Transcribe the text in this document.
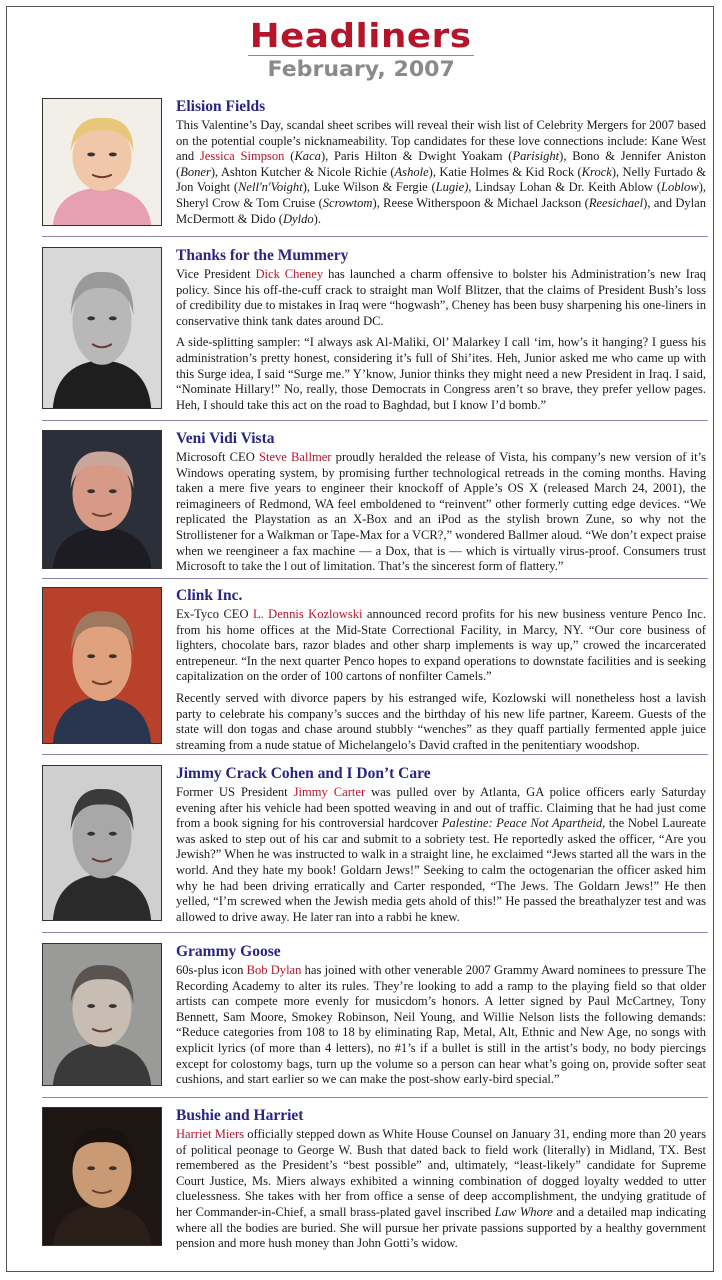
Headliners
February, 2007
Elision Fields

This Valentine’s Day, scandal sheet scribes will reveal their wish list of Celebrity Mergers for 2007 based on the potential couple’s nicknameability. Top candidates for these love connections include: Kane West and Jessica Simpson (Kaca), Paris Hilton & Dwight Yoakam (Parisight), Bono & Jennifer Aniston (Boner), Ashton Kutcher & Nicole Richie (Ashole), Katie Holmes & Kid Rock (Krock), Nelly Furtado & Jon Voight (Nell'n'Voight), Luke Wilson & Fergie (Lugie), Lindsay Lohan & Dr. Keith Ablow (Loblow), Sheryl Crow & Tom Cruise (Scrowtom), Reese Witherspoon & Michael Jackson (Reesichael), and Dylan McDermott & Dido (Dyldo).

Thanks for the Mummery

Vice President Dick Cheney has launched a charm offensive to bolster his Administration’s new Iraq policy. Since his off-the-cuff crack to straight man Wolf Blitzer, that the claims of President Bush’s loss of credibility due to mistakes in Iraq were “hogwash”, Cheney has been busy sharpening his one-liners in conservative think tank dates around DC.

A side-splitting sampler: “I always ask Al-Maliki, Ol’ Malarkey I call ‘im, how’s it hanging? I guess his administration’s pretty honest, considering it’s full of Shi’ites. Heh, Junior asked me who came up with this Surge idea, I said “Surge me.” Y’know, Junior thinks they might need a new President in Iraq. I said, “Nominate Hillary!” No, really, those Democrats in Congress aren’t so brave, they prefer yellow pages. Heh, I should take this act on the road to Baghdad, but I know I’d bomb.”

Veni Vidi Vista

Microsoft CEO Steve Ballmer proudly heralded the release of Vista, his company’s new version of it’s Windows operating system, by promising further technological retreads in the coming months. Having taken a mere five years to engineer their knockoff of Apple’s OS X (released March 24, 2001), the reimagineers of Redmond, WA feel emboldened to “reinvent” other formerly cutting edge devices. “We replicated the Playstation as an X-Box and an iPod as the stylish brown Zune, so why not the Strollistener for a Walkman or Tape-Max for a VCR?,” wondered Ballmer aloud. “We don’t expect praise when we reengineer a fax machine — a Dox, that is — which is virtually virus-proof. Consumers trust Microsoft to take the l out of limitation. That’s the sincerest form of flattery.”

Clink Inc.

Ex-Tyco CEO L. Dennis Kozlowski announced record profits for his new business venture Penco Inc. from his home offices at the Mid-State Correctional Facility, in Marcy, NY. “Our core business of lighters, chocolate bars, razor blades and other sharp implements is way up,” crowed the incarcerated entrepeneur. “In the next quarter Penco hopes to expand operations to downstate facilities and is seeking capitalization on the order of 100 cartons of nonfilter Camels.”

Recently served with divorce papers by his estranged wife, Kozlowski will nonetheless host a lavish party to celebrate his company’s succes and the birthday of his new life partner, Kareem. Guests of the state will don togas and chase around stubbly “wenches” as they quaff partially fermented apple juice streaming from a nude statue of Michelangelo’s David crafted in the penitentiary woodshop.

Jimmy Crack Cohen and I Don’t Care

Former US President Jimmy Carter was pulled over by Atlanta, GA police officers early Saturday evening after his vehicle had been spotted weaving in and out of traffic. Claiming that he had just come from a book signing for his controversial hardcover Palestine: Peace Not Apartheid, the Nobel Laureate was asked to step out of his car and submit to a sobriety test. He reportedly asked the officer, “Are you Jewish?” When he was instructed to walk in a straight line, he exclaimed “Jews started all the wars in the world. And they hate my book! Goldarn Jews!” Seeking to calm the octogenarian the officer asked him why he had been driving erratically and Carter responded, “The Jews. The Goldarn Jews!” He then yelled, “I’m screwed when the Jewish media gets ahold of this!” He passed the breathalyzer test and was allowed to drive away. He later ran into a rabbi he knew.

Grammy Goose

60s-plus icon Bob Dylan has joined with other venerable 2007 Grammy Award nominees to pressure The Recording Academy to alter its rules. They’re looking to add a ramp to the playing field so that older artists can compete more evenly for musicdom’s honors. A letter signed by Paul McCartney, Tony Bennett, Sam Moore, Smokey Robinson, Neil Young, and Willie Nelson lists the following demands: “Reduce categories from 108 to 18 by eliminating Rap, Metal, Alt, Ethnic and New Age, no songs with explicit lyrics (of more than 4 letters), no #1’s if a bullet is still in the artist’s body, no body piercings except for colostomy bags, turn up the volume so a person can hear what’s going on, provide softer seat cushions, and start earlier so we can make the post-show early-bird special.”

Bushie and Harriet

Harriet Miers officially stepped down as White House Counsel on January 31, ending more than 20 years of political peonage to George W. Bush that dated back to field work (literally) in Midland, TX. Best remembered as the President’s “best possible” and, ultimately, “least-likely” candidate for Supreme Court Justice, Ms. Miers always exhibited a winning combination of dogged loyalty wedded to utter cluelessness. She takes with her from office a sense of deep accomplishment, the undying gratitude of her Commander-in-Chief, a small brass-plated gavel inscribed Law Whore and a detailed map indicating where all the bodies are buried. She will pursue her private passions supported by a healthy government pension and more hush money than John Gotti’s widow.
